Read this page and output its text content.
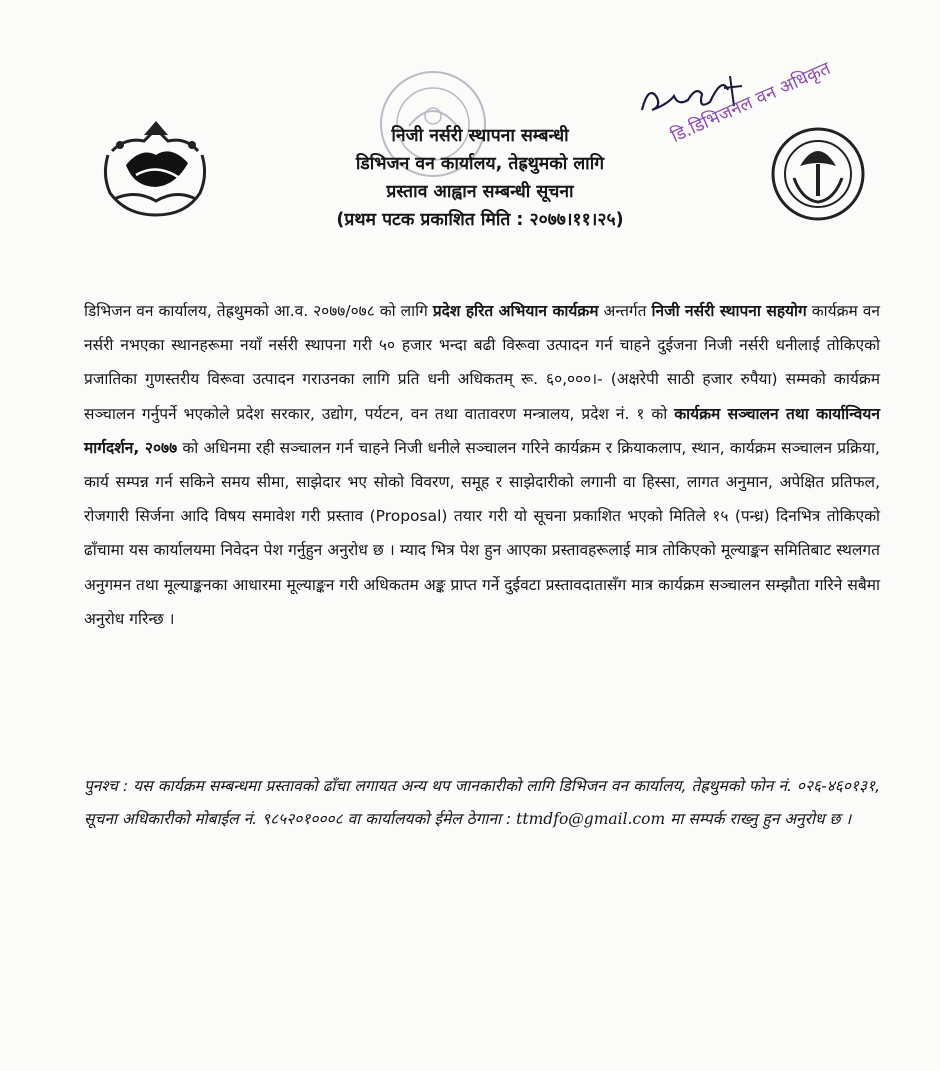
डि.डिभिजनल वन अधिकृत
निजी नर्सरी स्थापना सम्बन्धी
डिभिजन वन कार्यालय, तेह्रथुमको लागि
प्रस्ताव आह्वान सम्बन्धी सूचना
(प्रथम पटक प्रकाशित मिति : २०७७।११।२५)
डिभिजन वन कार्यालय, तेह्रथुमको आ.व. २०७७/०७८ को लागि प्रदेश हरित अभियान कार्यक्रम अन्तर्गत निजी नर्सरी स्थापना सहयोग कार्यक्रम वन नर्सरी नभएका स्थानहरूमा नयाँ नर्सरी स्थापना गरी ५० हजार भन्दा बढी विरूवा उत्पादन गर्न चाहने दुईजना निजी नर्सरी धनीलाई तोकिएको प्रजातिका गुणस्तरीय विरूवा उत्पादन गराउनका लागि प्रति धनी अधिकतम् रू. ६०,०००।- (अक्षरेपी साठी हजार रुपैया) सम्मको कार्यक्रम सञ्चालन गर्नुपर्ने भएकोले प्रदेश सरकार, उद्योग, पर्यटन, वन तथा वातावरण मन्त्रालय, प्रदेश नं. १ को कार्यक्रम सञ्चालन तथा कार्यान्वियन मार्गदर्शन, २०७७ को अधिनमा रही सञ्चालन गर्न चाहने निजी धनीले सञ्चालन गरिने कार्यक्रम र क्रियाकलाप, स्थान, कार्यक्रम सञ्चालन प्रक्रिया, कार्य सम्पन्न गर्न सकिने समय सीमा, साझेदार भए सोको विवरण, समूह र साझेदारीको लगानी वा हिस्सा, लागत अनुमान, अपेक्षित प्रतिफल, रोजगारी सिर्जना आदि विषय समावेश गरी प्रस्ताव (Proposal) तयार गरी यो सूचना प्रकाशित भएको मितिले १५ (पन्ध्र) दिनभित्र तोकिएको ढाँचामा यस कार्यालयमा निवेदन पेश गर्नुहुन अनुरोध छ । म्याद भित्र पेश हुन आएका प्रस्तावहरूलाई मात्र तोकिएको मूल्याङ्कन समितिबाट स्थलगत अनुगमन तथा मूल्याङ्कनका आधारमा मूल्याङ्कन गरी अधिकतम अङ्क प्राप्त गर्ने दुईवटा प्रस्तावदातासँग मात्र कार्यक्रम सञ्चालन सम्झौता गरिने सबैमा अनुरोध गरिन्छ ।
पुनश्च : यस कार्यक्रम सम्बन्धमा प्रस्तावको ढाँचा लगायत अन्य थप जानकारीको लागि डिभिजन वन कार्यालय, तेह्रथुमको फोन नं. ०२६-४६०१३१, सूचना अधिकारीको मोबाईल नं. ९८५२०१०००८ वा कार्यालयको ईमेल ठेगाना : ttmdfo@gmail.com मा सम्पर्क राख्नु हुन अनुरोध छ ।
